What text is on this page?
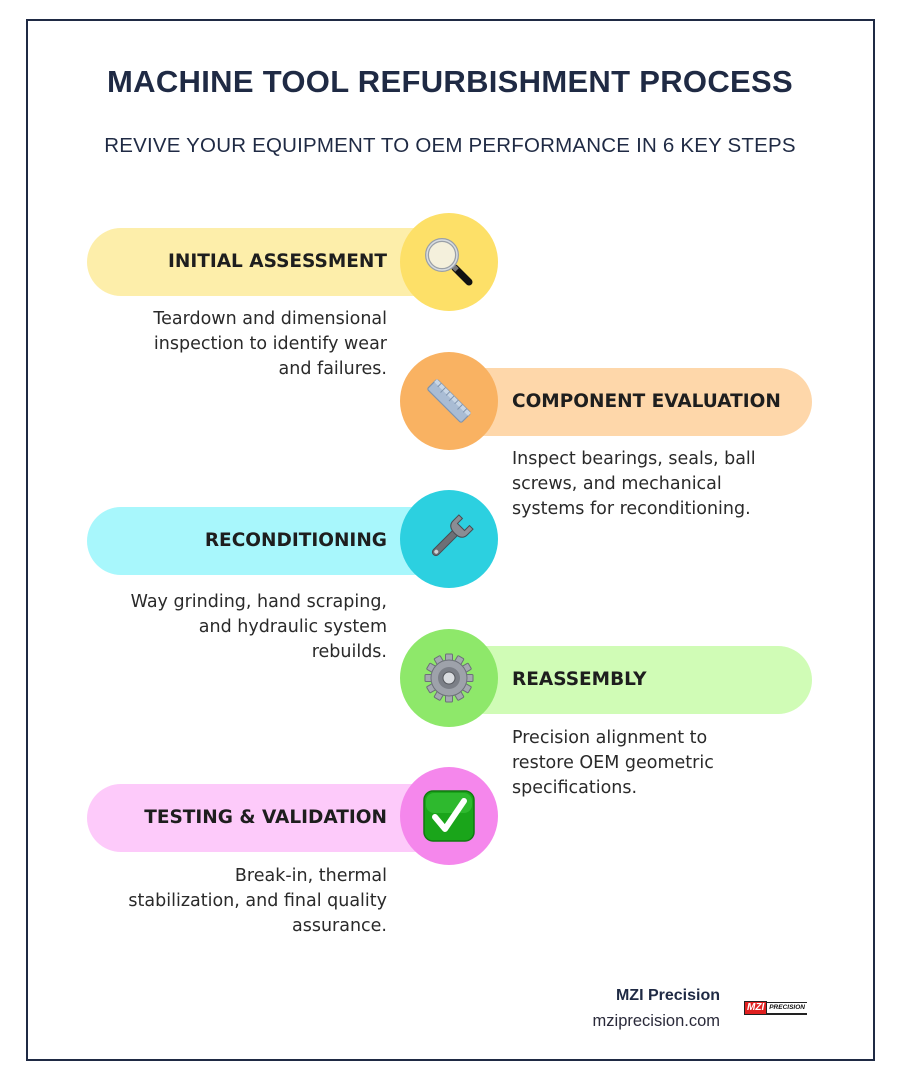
MACHINE TOOL REFURBISHMENT PROCESS
REVIVE YOUR EQUIPMENT TO OEM PERFORMANCE IN 6 KEY STEPS
INITIAL ASSESSMENT
Teardown and dimensional
inspection to identify wear
and failures.
COMPONENT EVALUATION
Inspect bearings, seals, ball
screws, and mechanical
systems for reconditioning.
RECONDITIONING
Way grinding, hand scraping,
and hydraulic system
rebuilds.
REASSEMBLY
Precision alignment to
restore OEM geometric
specifications.
TESTING & VALIDATION
Break-in, thermal
stabilization, and final quality
assurance.
MZI Precision
mziprecision.com
MZI PRECISION
